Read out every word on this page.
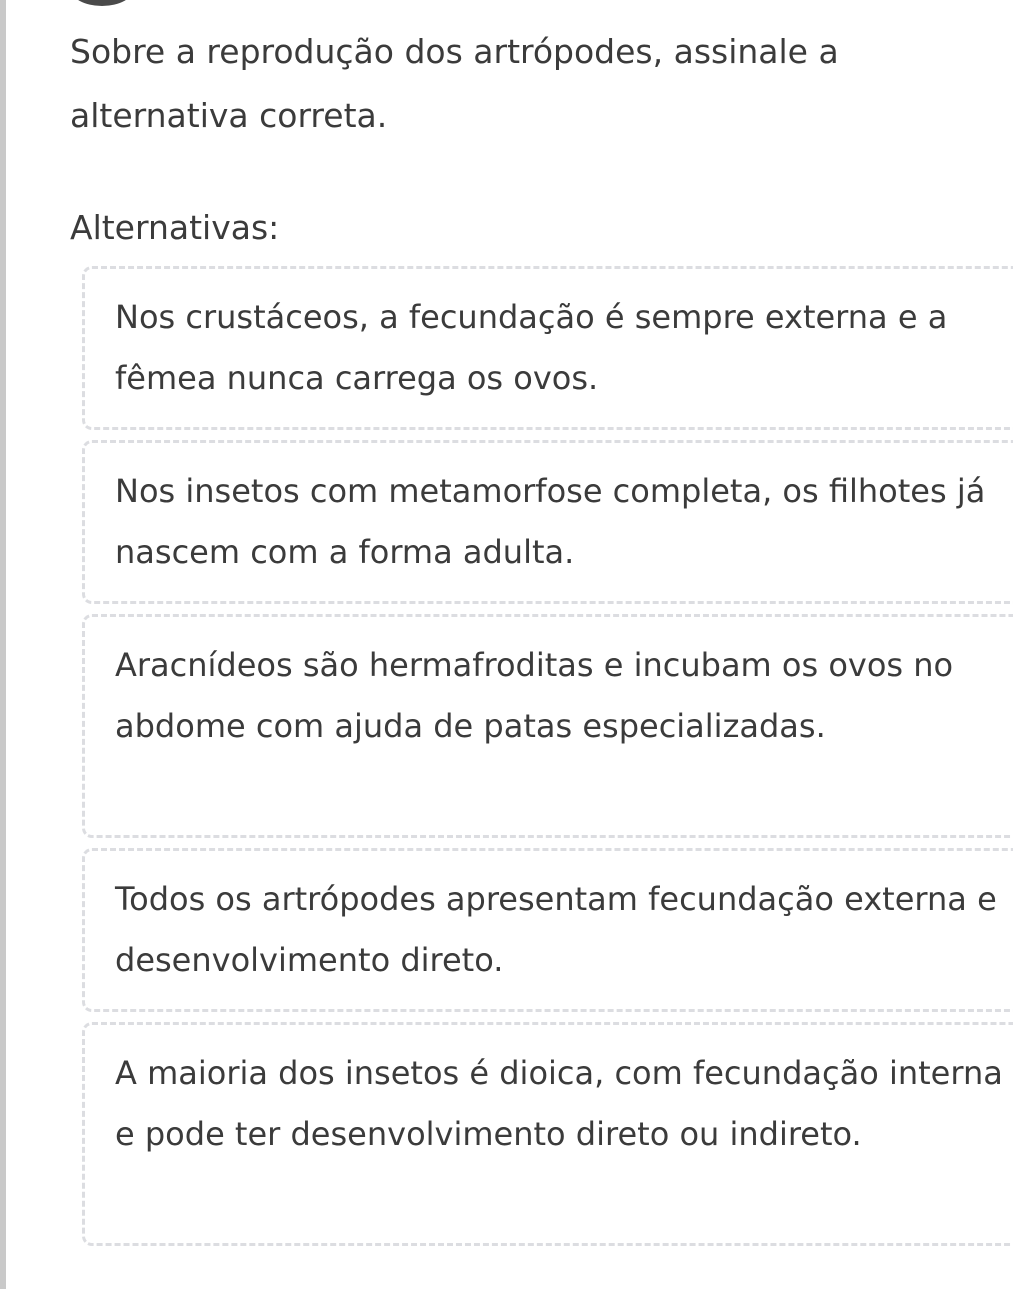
Sobre a reprodução dos artrópodes, assinale a alternativa correta.

Alternativas:

Nos crustáceos, a fecundação é sempre externa e a fêmea nunca carrega os ovos.
Nos insetos com metamorfose completa, os filhotes já nascem com a forma adulta.
Aracnídeos são hermafroditas e incubam os ovos no abdome com ajuda de patas especializadas.
Todos os artrópodes apresentam fecundação externa e desenvolvimento direto.
A maioria dos insetos é dioica, com fecundação interna e pode ter desenvolvimento direto ou indireto.
